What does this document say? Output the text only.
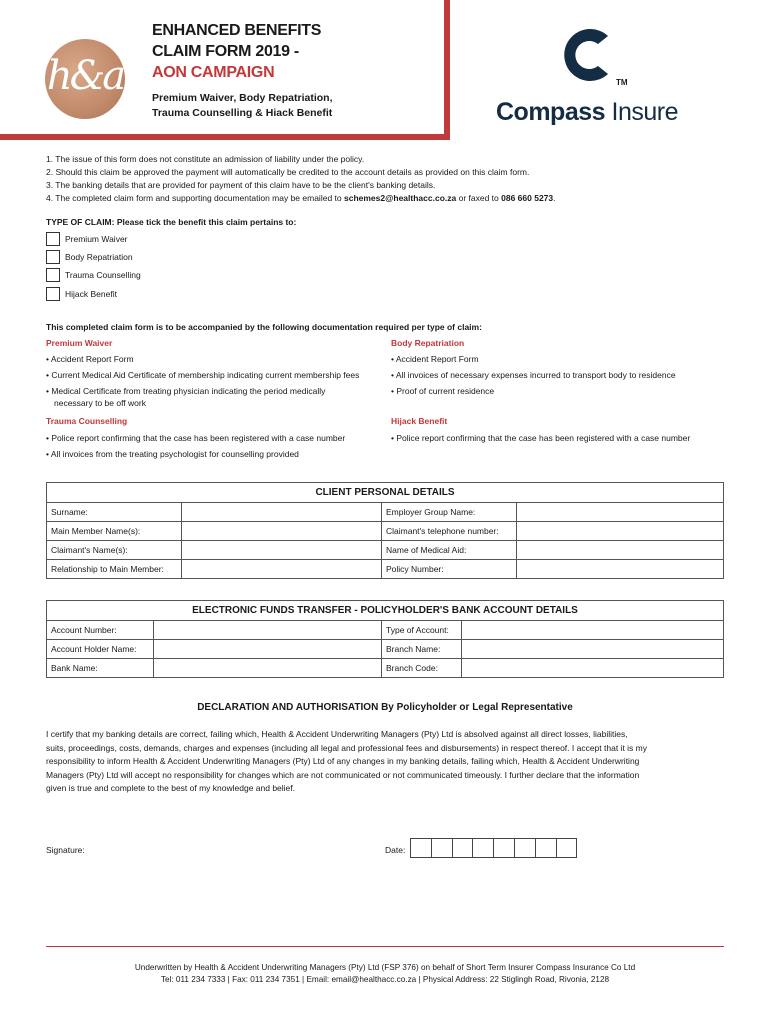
h&a
ENHANCED BENEFITS
CLAIM FORM 2019 -
AON CAMPAIGN
Premium Waiver, Body Repatriation,
Trauma Counselling & Hiack Benefit
TM
Compass Insure
1. The issue of this form does not constitute an admission of liability under the policy.
2. Should this claim be approved the payment will automatically be credited to the account details as provided on this claim form.
3. The banking details that are provided for payment of this claim have to be the client's banking details.
4. The completed claim form and supporting documentation may be emailed to schemes2@healthacc.co.za or faxed to 086 660 5273.
TYPE OF CLAIM: Please tick the benefit this claim pertains to:
Premium Waiver
Body Repatriation
Trauma Counselling
Hijack Benefit
This completed claim form is to be accompanied by the following documentation required per type of claim:
Premium Waiver
• Accident Report Form
• Current Medical Aid Certificate of membership indicating current membership fees
• Medical Certificate from treating physician indicating the period medically
necessary to be off work
Body Repatriation
• Accident Report Form
• All invoices of necessary expenses incurred to transport body to residence
• Proof of current residence
Trauma Counselling
• Police report confirming that the case has been registered with a case number
• All invoices from the treating psychologist for counselling provided
Hijack Benefit
• Police report confirming that the case has been registered with a case number
CLIENT PERSONAL DETAILS			
Surname:		Employer Group Name:	
Main Member Name(s):		Claimant's telephone number:	
Claimant's Name(s):		Name of Medical Aid:	
Relationship to Main Member:		Policy Number:	
ELECTRONIC FUNDS TRANSFER - POLICYHOLDER'S BANK ACCOUNT DETAILS			
Account Number:		Type of Account:	
Account Holder Name:		Branch Name:	
Bank Name:		Branch Code:	
DECLARATION AND AUTHORISATION By Policyholder or Legal Representative
I certify that my banking details are correct, failing which, Health & Accident Underwriting Managers (Pty) Ltd is absolved against all direct losses, liabilities,
suits, proceedings, costs, demands, charges and expenses (including all legal and professional fees and disbursements) in respect thereof. I accept that it is my
responsibility to inform Health & Accident Underwriting Managers (Pty) Ltd of any changes in my banking details, failing which, Health & Accident Underwriting
Managers (Pty) Ltd will accept no responsibility for changes which are not communicated or not communicated timeously. I further declare that the information
given is true and complete to the best of my knowledge and belief.
Signature:	Date:
Underwritten by Health & Accident Underwriting Managers (Pty) Ltd (FSP 376) on behalf of Short Term Insurer Compass Insurance Co Ltd
Tel: 011 234 7333 | Fax: 011 234 7351 | Email: email@healthacc.co.za | Physical Address: 22 Stiglingh Road, Rivonia, 2128
